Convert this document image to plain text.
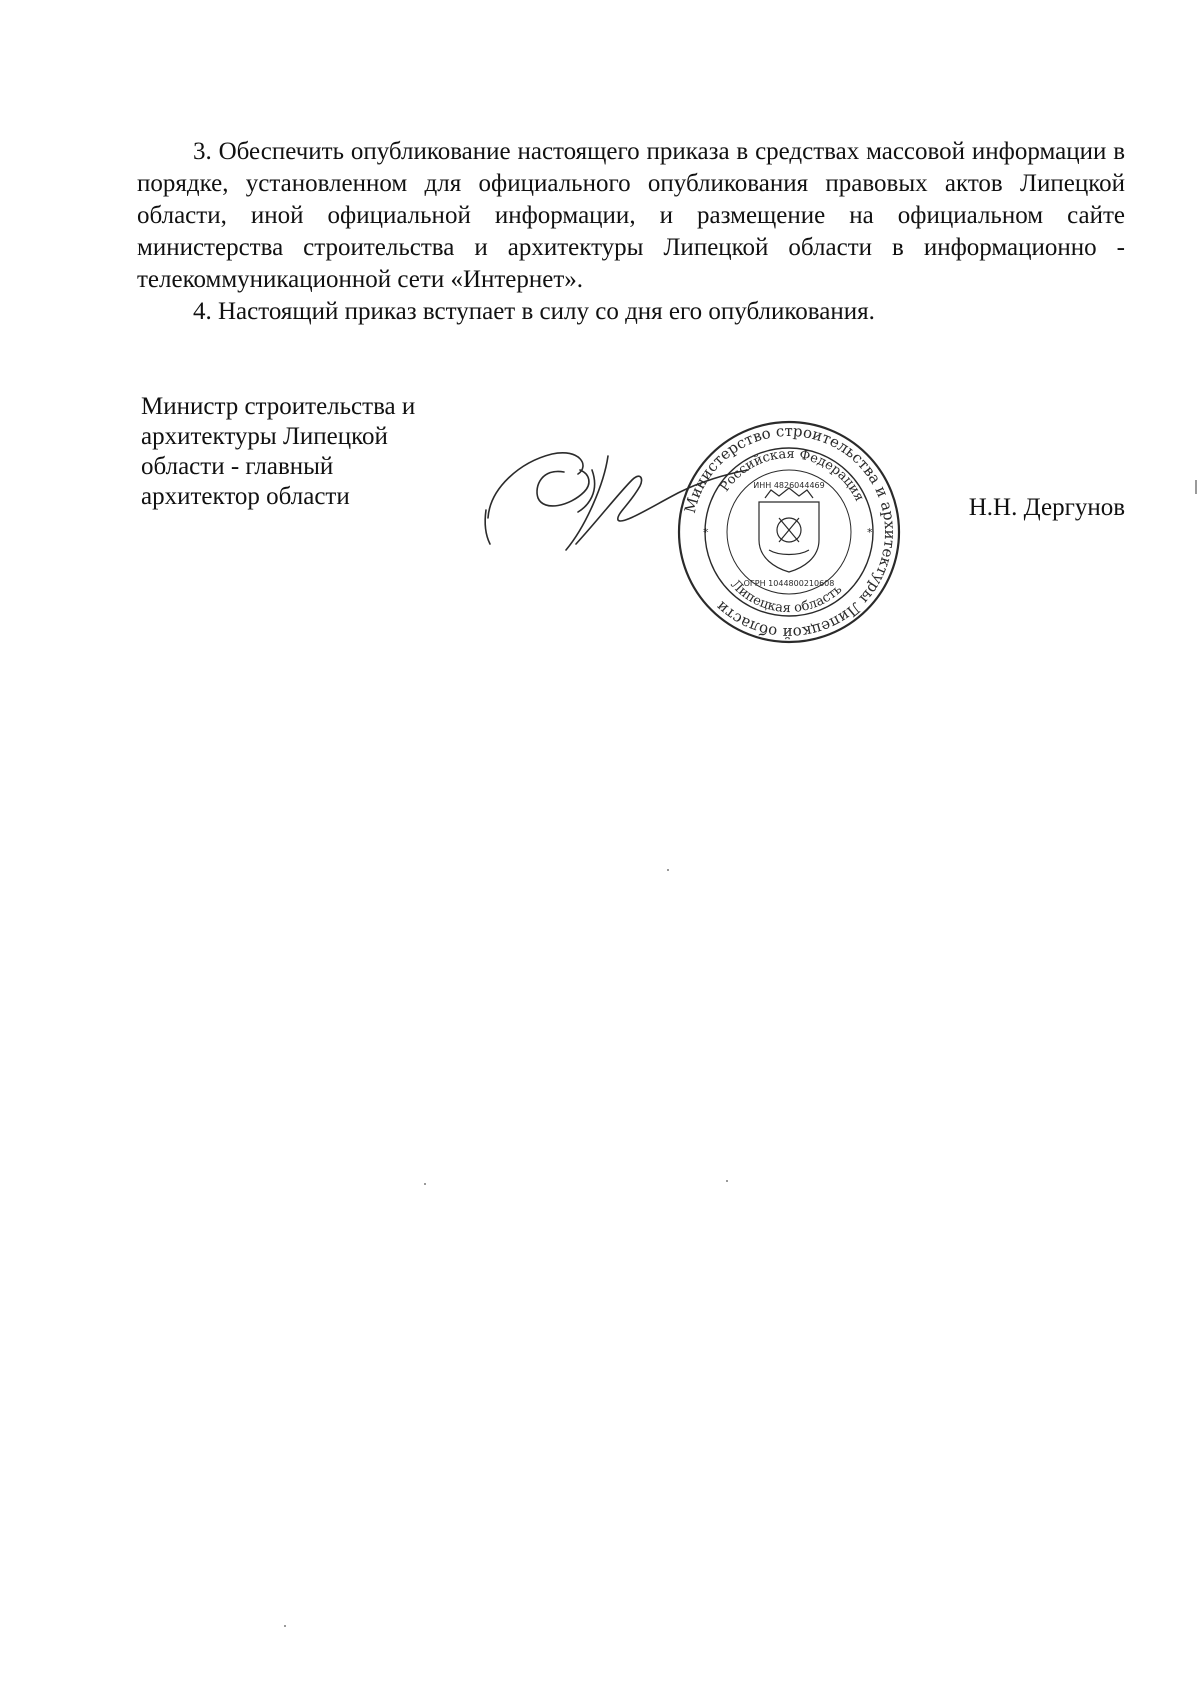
3. Обеспечить опубликование настоящего приказа в средствах массовой информации в порядке, установленном для официального опубликования правовых актов Липецкой области, иной официальной информации, и размещение на официальном сайте министерства строительства и архитектуры Липецкой области в информационно - телекоммуникационной сети «Интернет».

4. Настоящий приказ вступает в силу со дня его опубликования.

Министр строительства и
архитектуры Липецкой
области - главный
архитектор области	Министерство строительства и архитектуры Липецкой области
Российская Федерация
Липецкая область
ИНН 4826044469
ОГРН 1044800210608
*	*
Н.Н. Дергунов
